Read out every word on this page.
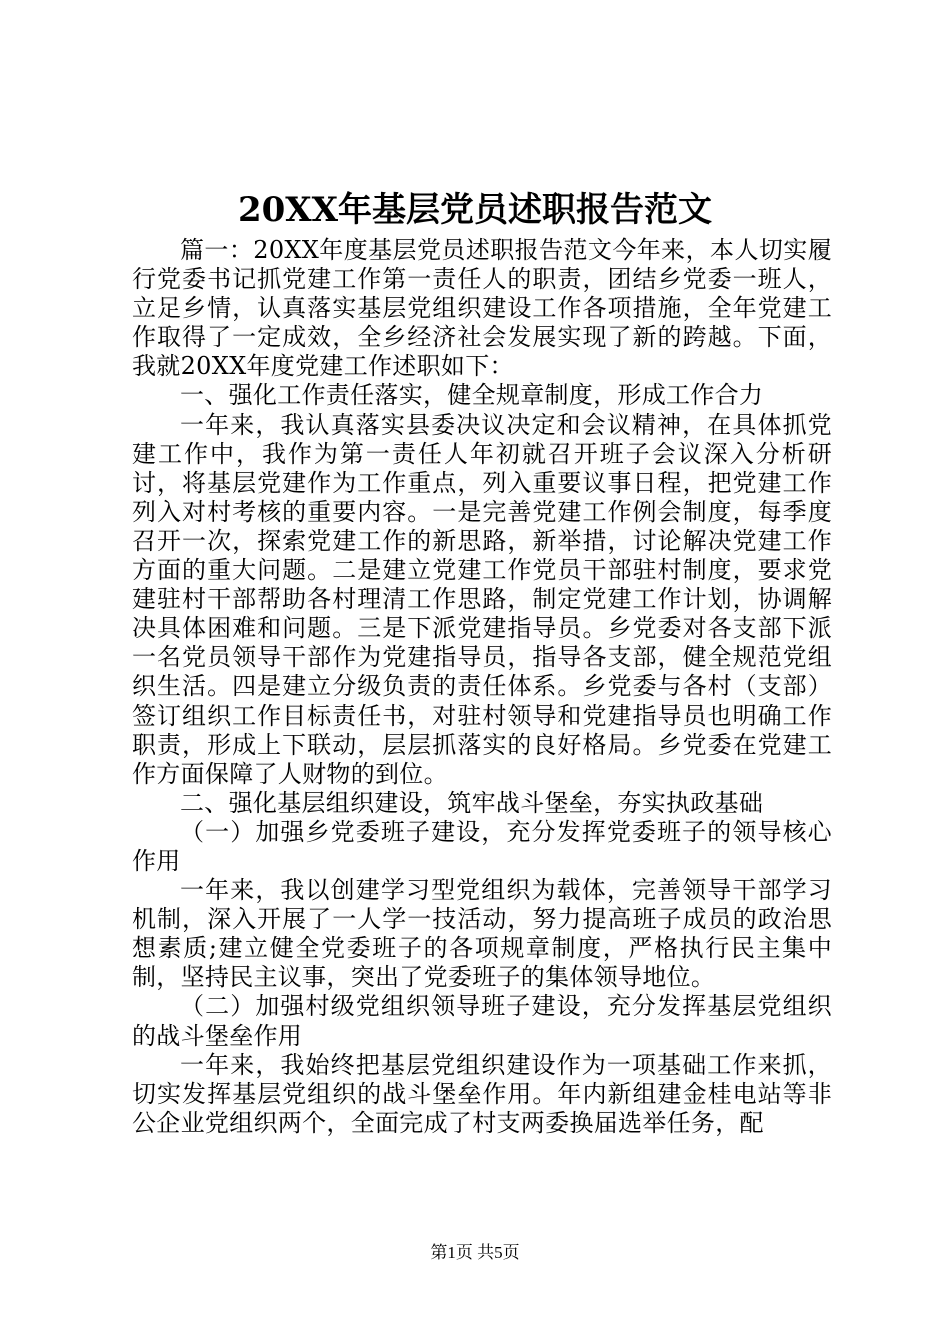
20XX年基层党员述职报告范文

篇一：20XX年度基层党员述职报告范文今年来，本人切实履行党委书记抓党建工作第一责任人的职责，团结乡党委一班人，立足乡情，认真落实基层党组织建设工作各项措施，全年党建工作取得了一定成效，全乡经济社会发展实现了新的跨越。下面，我就20XX年度党建工作述职如下：

一、强化工作责任落实，健全规章制度，形成工作合力

一年来，我认真落实县委决议决定和会议精神，在具体抓党建工作中，我作为第一责任人年初就召开班子会议深入分析研讨，将基层党建作为工作重点，列入重要议事日程，把党建工作列入对村考核的重要内容。一是完善党建工作例会制度，每季度召开一次，探索党建工作的新思路，新举措，讨论解决党建工作方面的重大问题。二是建立党建工作党员干部驻村制度，要求党建驻村干部帮助各村理清工作思路，制定党建工作计划，协调解决具体困难和问题。三是下派党建指导员。乡党委对各支部下派一名党员领导干部作为党建指导员，指导各支部，健全规范党组织生活。四是建立分级负责的责任体系。乡党委与各村（支部）签订组织工作目标责任书，对驻村领导和党建指导员也明确工作职责，形成上下联动，层层抓落实的良好格局。乡党委在党建工作方面保障了人财物的到位。

二、强化基层组织建设，筑牢战斗堡垒，夯实执政基础

（一）加强乡党委班子建设，充分发挥党委班子的领导核心作用

一年来，我以创建学习型党组织为载体，完善领导干部学习机制，深入开展了一人学一技活动，努力提高班子成员的政治思想素质;建立健全党委班子的各项规章制度，严格执行民主集中制，坚持民主议事，突出了党委班子的集体领导地位。

（二）加强村级党组织领导班子建设，充分发挥基层党组织的战斗堡垒作用

一年来，我始终把基层党组织建设作为一项基础工作来抓，切实发挥基层党组织的战斗堡垒作用。年内新组建金桂电站等非公企业党组织两个，全面完成了村支两委换届选举任务，配

第1页 共5页
